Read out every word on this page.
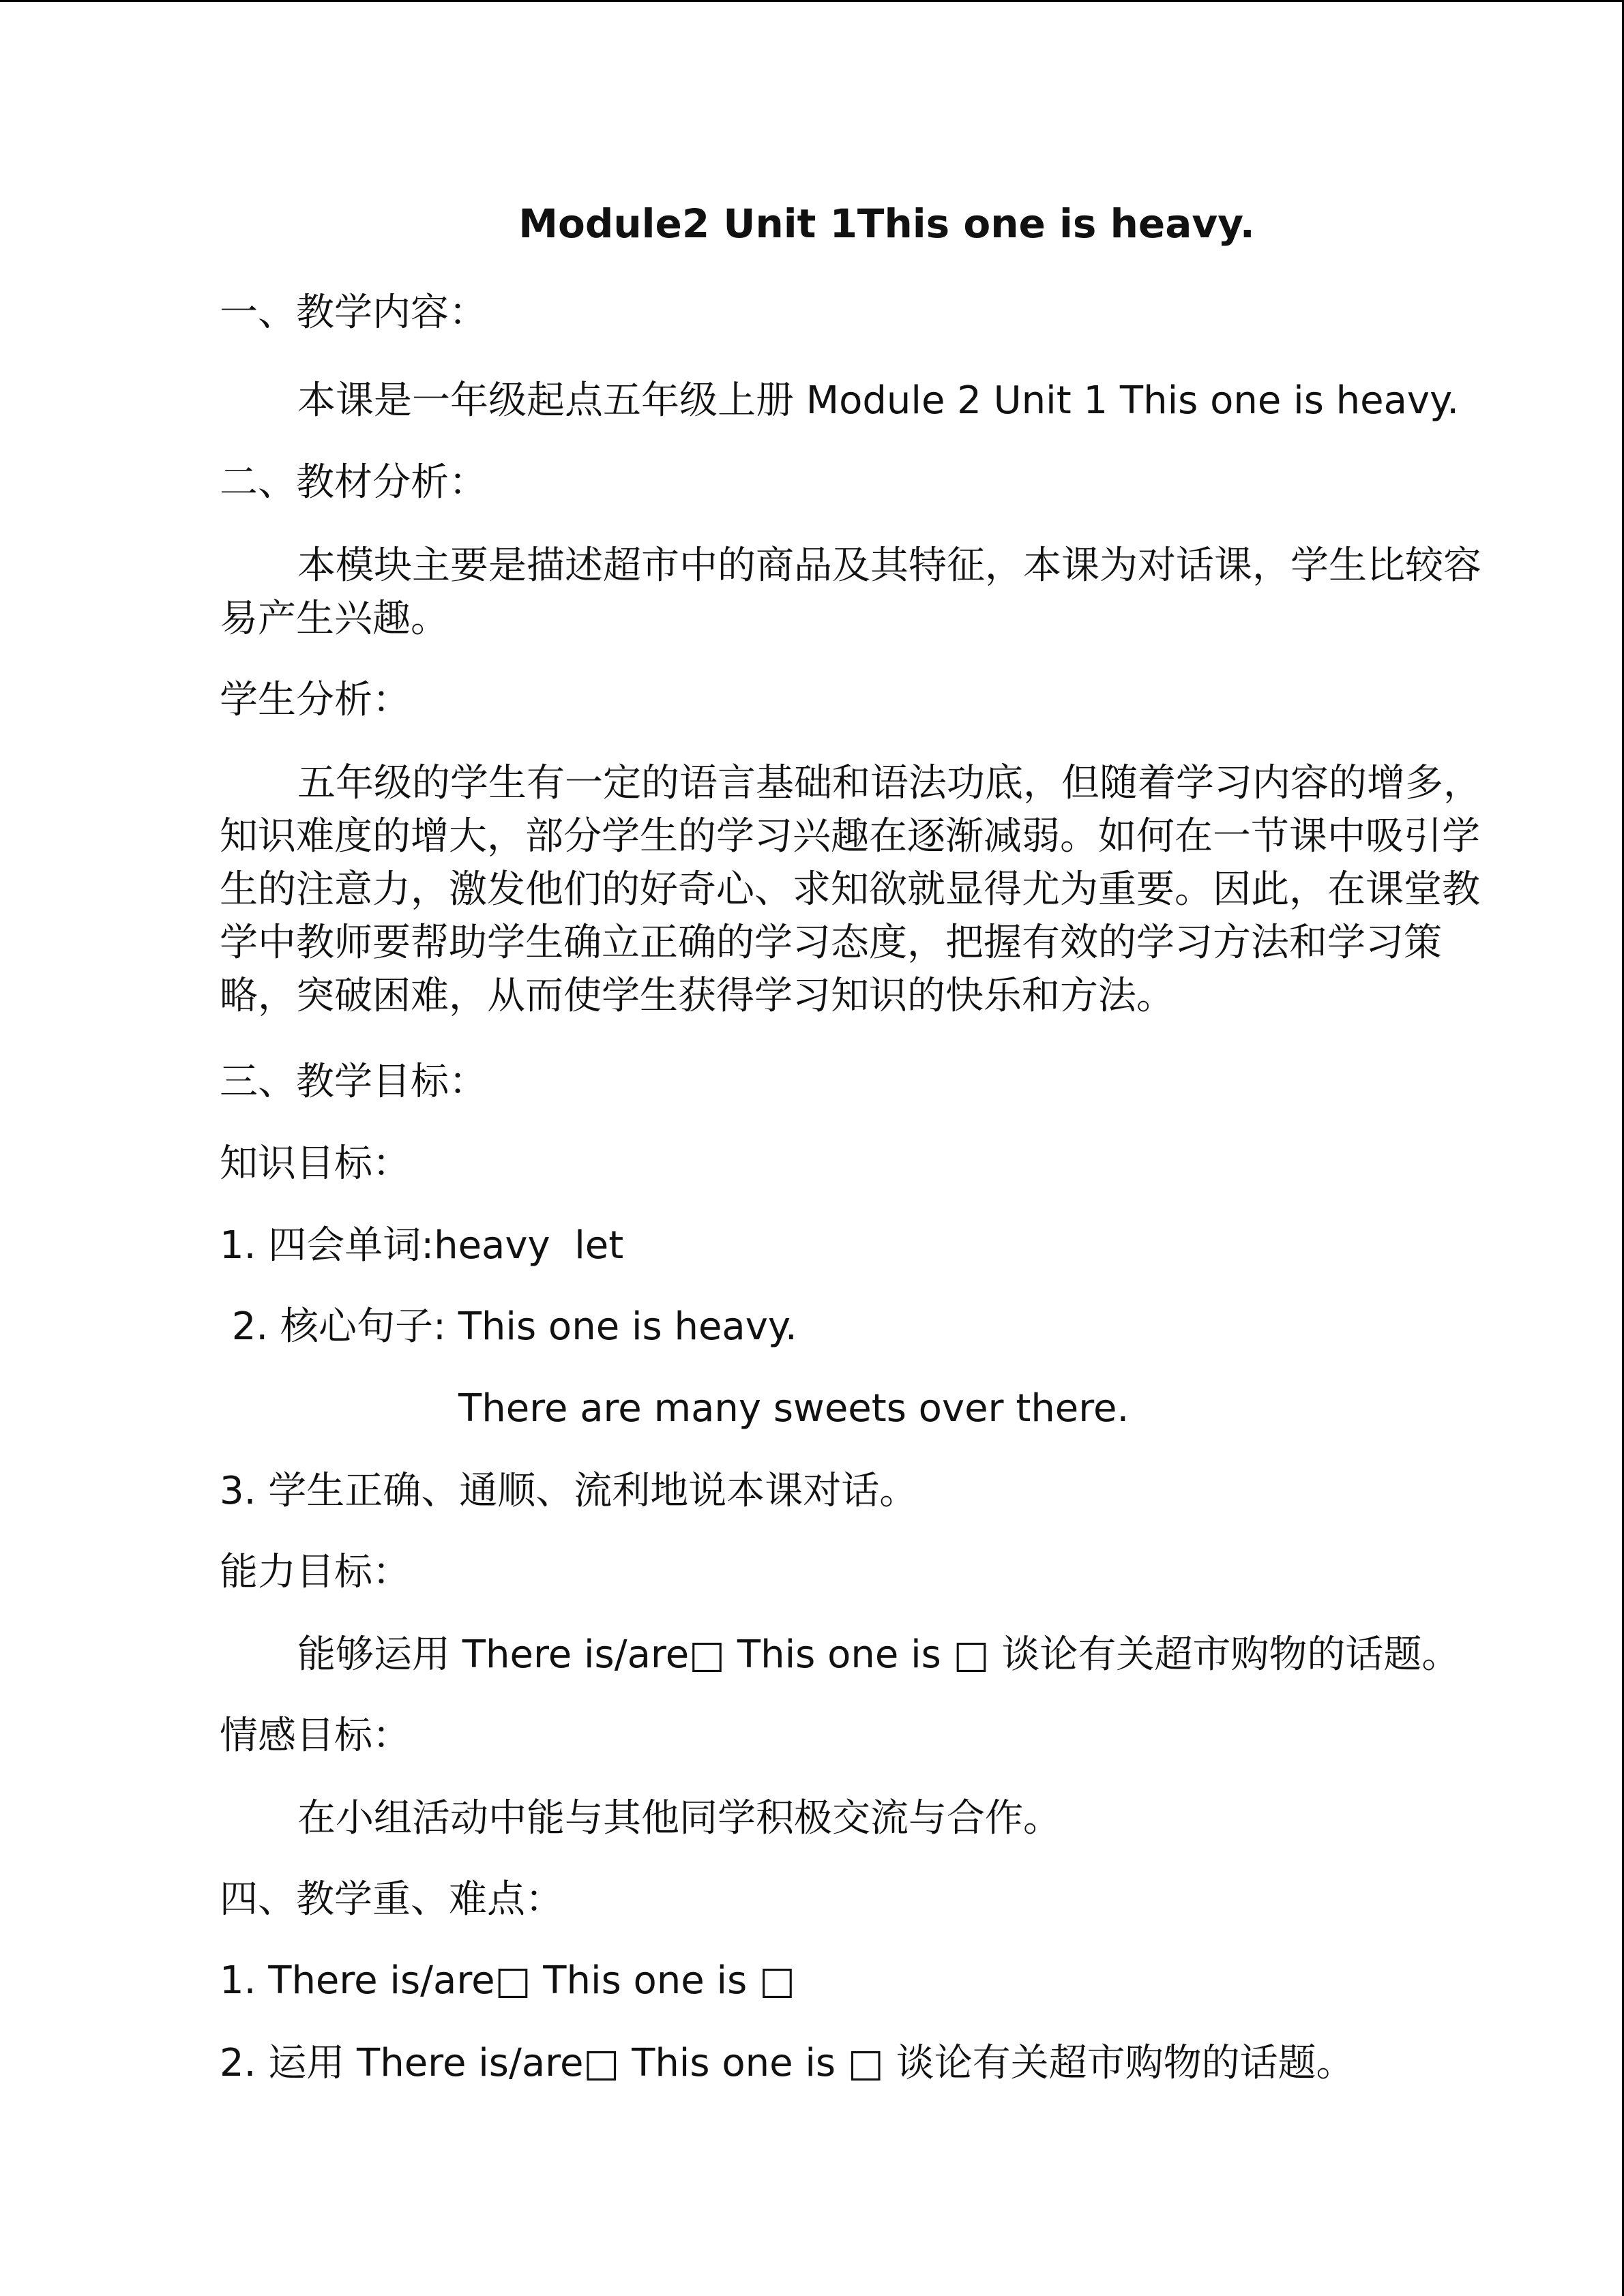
Module2 Unit 1This one is heavy.

一、教学内容：

本课是一年级起点五年级上册 Module 2 Unit 1 This one is heavy.

二、教材分析：

本模块主要是描述超市中的商品及其特征，本课为对话课，学生比较容易产生兴趣。

学生分析：

五年级的学生有一定的语言基础和语法功底，但随着学习内容的增多，知识难度的增大，部分学生的学习兴趣在逐渐减弱。如何在一节课中吸引学生的注意力，激发他们的好奇心、求知欲就显得尤为重要。因此，在课堂教学中教师要帮助学生确立正确的学习态度，把握有效的学习方法和学习策略，突破困难，从而使学生获得学习知识的快乐和方法。

三、教学目标：

知识目标：

1. 四会单词:heavy  let

2. 核心句子: This one is heavy.

There are many sweets over there.

3. 学生正确、通顺、流利地说本课对话。

能力目标：

能够运用 There is/are□ This one is □ 谈论有关超市购物的话题。

情感目标：

在小组活动中能与其他同学积极交流与合作。

四、教学重、难点：

1. There is/are□ This one is □

2. 运用 There is/are□ This one is □ 谈论有关超市购物的话题。
